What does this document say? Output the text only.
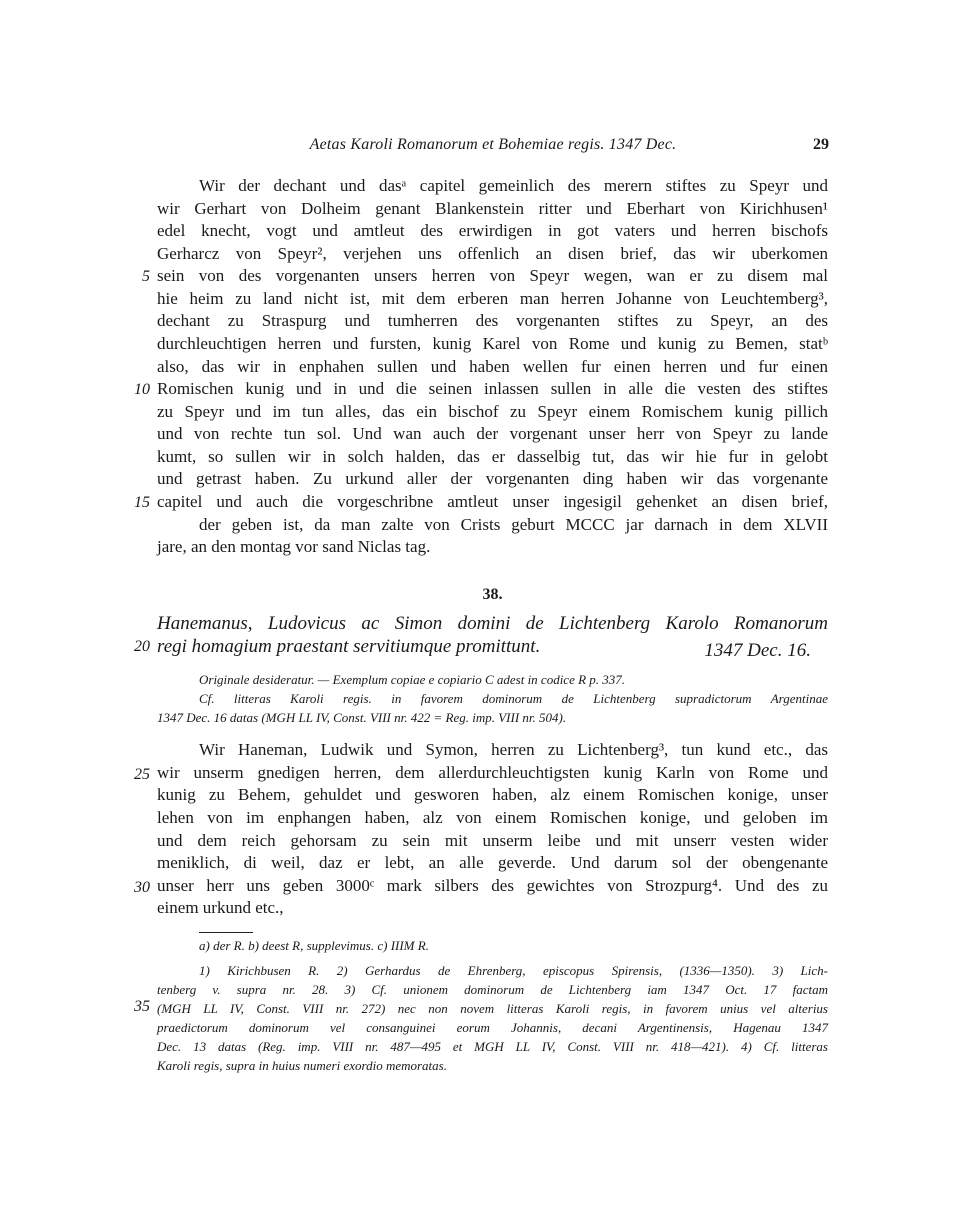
Aetas Karoli Romanorum et Bohemiae regis. 1347 Dec.	29
Wir der dechant und dasᵃ capitel gemeinlich des merern stiftes zu Speyr und
wir Gerhart von Dolheim genant Blankenstein ritter und Eberhart von Kirichhusen¹
edel knecht, vogt und amtleut des erwirdigen in got vaters und herren bischofs
Gerharcz von Speyr², verjehen uns offenlich an disen brief, das wir uberkomen
sein von des vorgenanten unsers herren von Speyr wegen, wan er zu disem mal
hie heim zu land nicht ist, mit dem erberen man herren Johanne von Leuchtemberg³,
dechant zu Straspurg und tumherren des vorgenanten stiftes zu Speyr, an des
durchleuchtigen herren und fursten, kunig Karel von Rome und kunig zu Bemen, statᵇ
also, das wir in enphahen sullen und haben wellen fur einen herren und fur einen
Romischen kunig und in und die seinen inlassen sullen in alle die vesten des stiftes
zu Speyr und im tun alles, das ein bischof zu Speyr einem Romischem kunig pillich
und von rechte tun sol. Und wan auch der vorgenant unser herr von Speyr zu lande
kumt, so sullen wir in solch halden, das er dasselbig tut, das wir hie fur in gelobt
und getrast haben. Zu urkund aller der vorgenanten ding haben wir das vorgenante
capitel und auch die vorgeschribne amtleut unser ingesigil gehenket an disen brief,
der geben ist, da man zalte von Crists geburt MCCC jar darnach in dem XLVII
jare, an den montag vor sand Niclas tag.
5
10
15
20
25
30
35
38.
Hanemanus, Ludovicus ac Simon domini de Lichtenberg Karolo Romanorum
regi homagium praestant servitiumque promittunt.	1347 Dec. 16.
Originale desideratur. — Exemplum copiae e copiario C adest in codice R p. 337.
Cf. litteras Karoli regis. in favorem dominorum de Lichtenberg supradictorum Argentinae
1347 Dec. 16 datas (MGH LL IV, Const. VIII nr. 422 = Reg. imp. VIII nr. 504).
Wir Haneman, Ludwik und Symon, herren zu Lichtenberg³, tun kund etc., das
wir unserm gnedigen herren, dem allerdurchleuchtigsten kunig Karln von Rome und
kunig zu Behem, gehuldet und gesworen haben, alz einem Romischen konige, unser
lehen von im enphangen haben, alz von einem Romischen konige, und geloben im
und dem reich gehorsam zu sein mit unserm leibe und mit unserr vesten wider
meniklich, di weil, daz er lebt, an alle geverde. Und darum sol der obengenante
unser herr uns geben 3000ᶜ mark silbers des gewichtes von Strozpurg⁴. Und des zu
einem urkund etc.,
a) der R. b) deest R, supplevimus. c) IIIM R.
1) Kirichbusen R. 2) Gerhardus de Ehrenberg, episcopus Spirensis, (1336—1350). 3) Lich-
tenberg v. supra nr. 28. 3) Cf. unionem dominorum de Lichtenberg iam 1347 Oct. 17 factam
(MGH LL IV, Const. VIII nr. 272) nec non novem litteras Karoli regis, in favorem unius vel alterius
praedictorum dominorum vel consanguinei eorum Johannis, decani Argentinensis, Hagenau 1347
Dec. 13 datas (Reg. imp. VIII nr. 487—495 et MGH LL IV, Const. VIII nr. 418—421). 4) Cf. litteras
Karoli regis, supra in huius numeri exordio memoratas.
